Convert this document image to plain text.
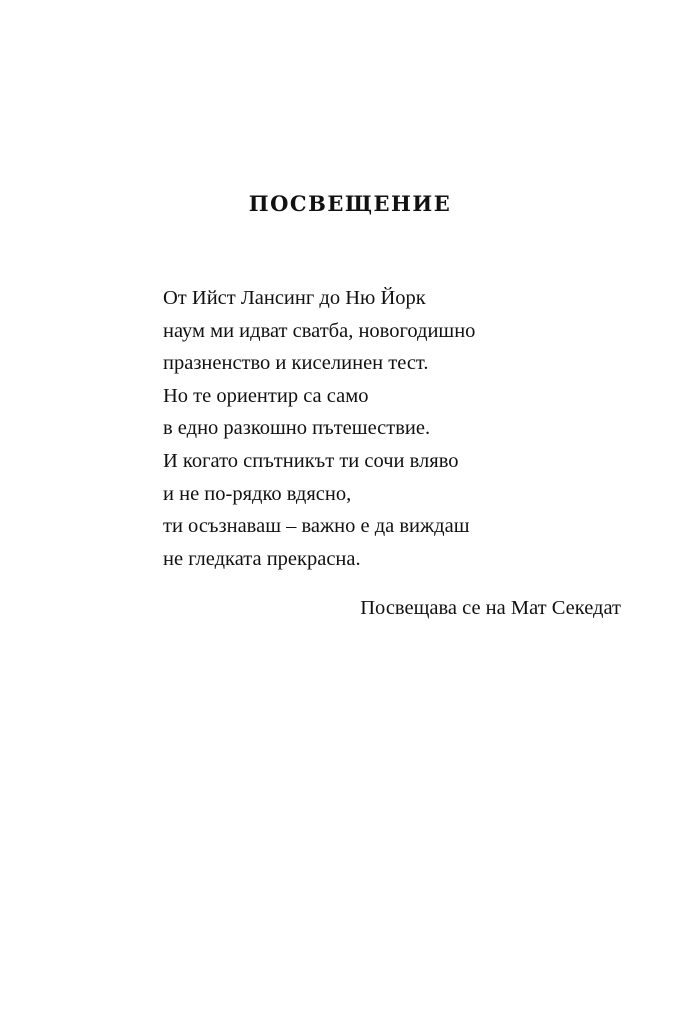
ПОСВЕЩЕНИЕ
От Ийст Лансинг до Ню Йорк
наум ми идват сватба, новогодишно
празненство и киселинен тест.
Но те ориентир са само
в едно разкошно пътешествие.
И когато спътникът ти сочи вляво
и не по-рядко вдясно,
ти осъзнаваш – важно е да виждаш
не гледката прекрасна.

Посвещава се на Мат Секедат
